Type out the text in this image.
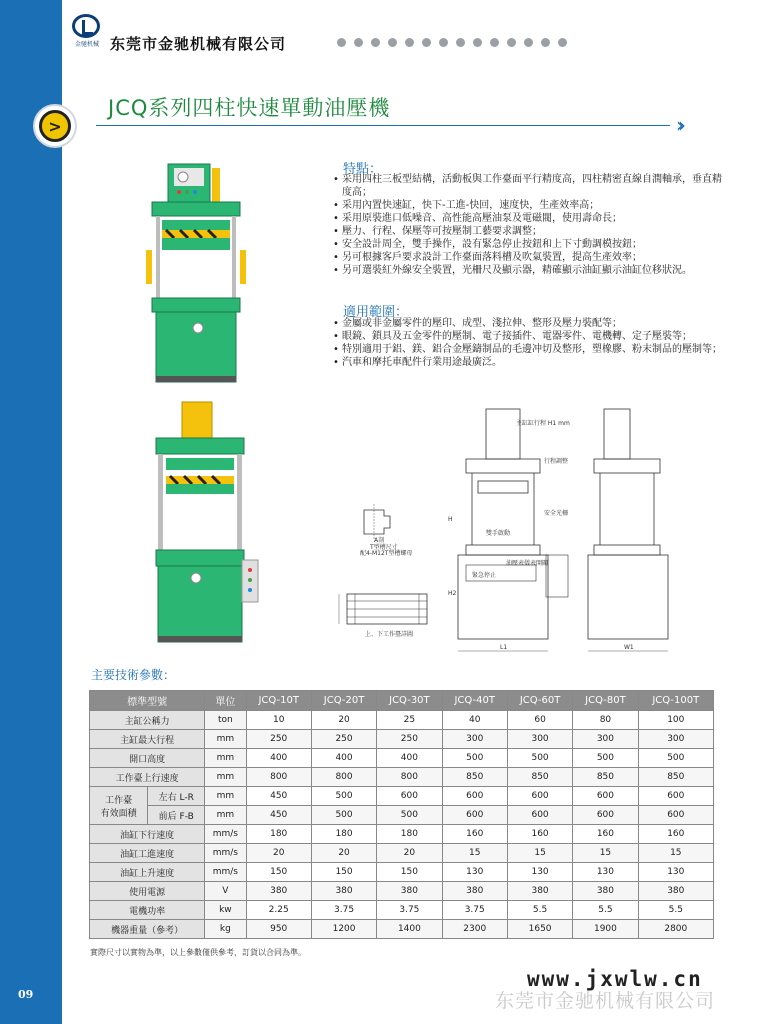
09
金驰机械 东莞市金驰机械有限公司
>
JCQ系列四柱快速單動油壓機
››
特點：
• 采用四柱三板型結構，活動板與工作臺面平行精度高，四柱精密直線自潤軸承，垂直精度高；
• 采用內置快速缸，快下-工進-快回，速度快，生產效率高；
• 采用原裝進口低噪音、高性能高壓油泵及電磁閥，使用壽命長；
• 壓力、行程、保壓等可按壓制工藝要求調整；
• 安全設計周全，雙手操作，設有緊急停止按鈕和上下寸動調模按鈕；
• 另可根據客戶要求設計工作臺面落料槽及吹氣裝置，提高生產效率；
• 另可選裝紅外線安全裝置，光柵尺及顯示器，精確顯示油缸顯示油缸位移狀況。
適用範圍：
• 金屬或非金屬零件的壓印、成型、淺拉伸、整形及壓力裝配等；
• 眼鏡、鎖具及五金零件的壓制、電子接插件、電器零件、電機轉、定子壓裝等；
• 特別適用于鋁、鎂、鋁合金壓鑄制品的毛邊冲切及整形，塑橡膠、粉末制品的壓制等；
• 汽車和摩托車配件行業用途最廣泛。
A剖
T型槽尺寸
配4-M12T型槽螺母
上、下工作臺詳圖
主缸缸行程 H1 mm
行程調整
安全光柵
雙手啟動
緊急停止
油壓表 儀表開關
H
H2
L1	W1
主要技術參數：
標準型號		單位	JCQ-10T	JCQ-20T	JCQ-30T	JCQ-40T	JCQ-60T	JCQ-80T	JCQ-100T
主缸公稱力		ton	10	20	25	40	60	80	100
主缸最大行程		mm	250	250	250	300	300	300	300
開口高度		mm	400	400	400	500	500	500	500
工作臺上行速度		mm	800	800	800	850	850	850	850

工作臺
有效面積	左右 L-R	mm	450	500	600	600	600	600	600
	前后 F-B	mm	450	500	500	600	600	600	600
油缸下行速度		mm/s	180	180	180	160	160	160	160
油缸工進速度		mm/s	20	20	20	15	15	15	15
油缸上升速度		mm/s	150	150	150	130	130	130	130
使用電源		V	380	380	380	380	380	380	380
電機功率		kw	2.25	3.75	3.75	3.75	5.5	5.5	5.5
機器重量（參考）		kg	950	1200	1400	2300	1650	1900	2800
實際尺寸以實物為準，以上參數僅供參考，訂貨以合同為準。
www.jxwlw.cn
东莞市金驰机械有限公司
